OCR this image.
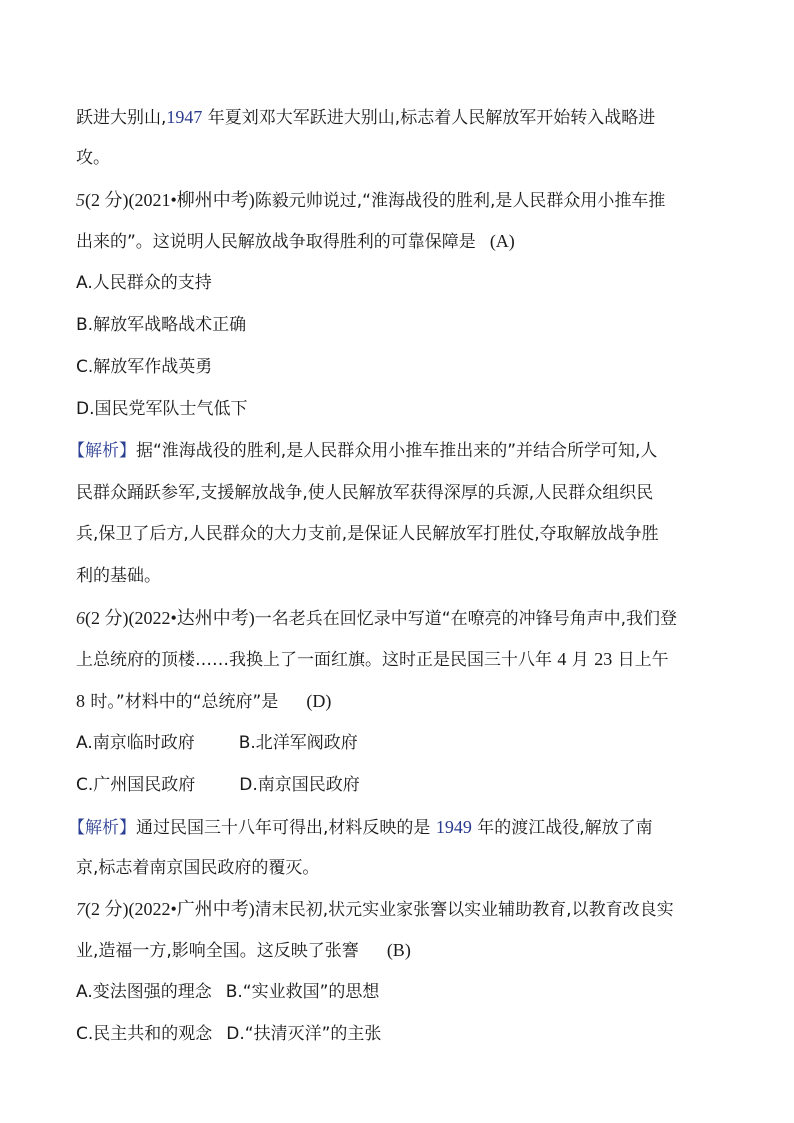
跃进大别山,1947 年夏刘邓大军跃进大别山,标志着人民解放军开始转入战略进
攻。
5(2 分)(2021•柳州中考)陈毅元帅说过,“淮海战役的胜利,是人民群众用小推车推
出来的”。这说明人民解放战争取得胜利的可靠保障是 (A)
A.人民群众的支持
B.解放军战略战术正确
C.解放军作战英勇
D.国民党军队士气低下
【解析】据“淮海战役的胜利,是人民群众用小推车推出来的”并结合所学可知,人
民群众踊跃参军,支援解放战争,使人民解放军获得深厚的兵源,人民群众组织民
兵,保卫了后方,人民群众的大力支前,是保证人民解放军打胜仗,夺取解放战争胜
利的基础。
6(2 分)(2022•达州中考)一名老兵在回忆录中写道“在嘹亮的冲锋号角声中,我们登
上总统府的顶楼……我换上了一面红旗。这时正是民国三十八年 4 月 23 日上午
8 时。”材料中的“总统府”是 (D)
A.南京临时政府	B.北洋军阀政府
C.广州国民政府	D.南京国民政府
【解析】通过民国三十八年可得出,材料反映的是 1949 年的渡江战役,解放了南
京,标志着南京国民政府的覆灭。
7(2 分)(2022•广州中考)清末民初,状元实业家张謇以实业辅助教育,以教育改良实
业,造福一方,影响全国。这反映了张謇 (B)
A.变法图强的理念 B.“实业救国”的思想
C.民主共和的观念 D.“扶清灭洋”的主张
